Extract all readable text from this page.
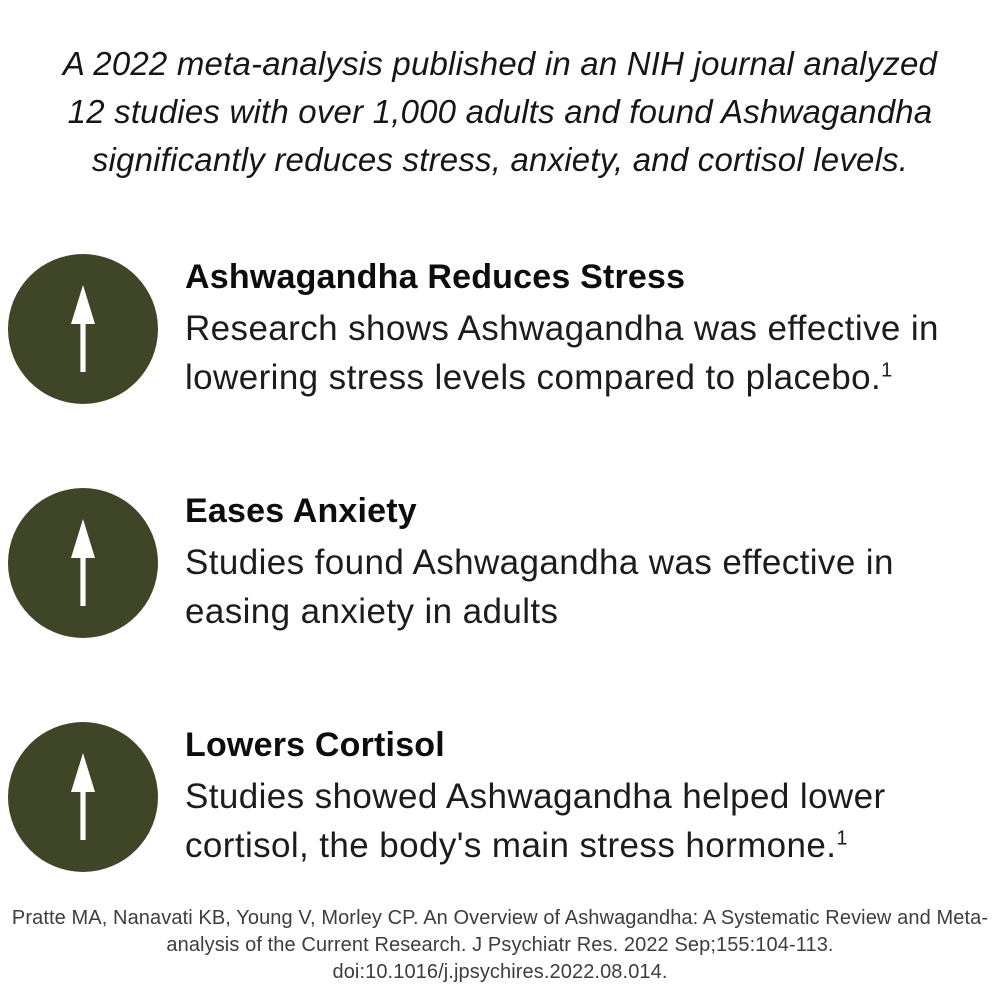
A 2022 meta-analysis published in an NIH journal analyzed 12 studies with over 1,000 adults and found Ashwagandha significantly reduces stress, anxiety, and cortisol levels.

Ashwagandha Reduces Stress
Research shows Ashwagandha was effective in lowering stress levels compared to placebo.$^1$
Eases Anxiety
Studies found Ashwagandha was effective in easing anxiety in adults
Lowers Cortisol
Studies showed Ashwagandha helped lower cortisol, the body's main stress hormone.$^1$

Pratte MA, Nanavati KB, Young V, Morley CP. An Overview of Ashwagandha: A Systematic Review and Meta-

analysis of the Current Research. J Psychiatr Res. 2022 Sep;155:104-113. doi:10.1016/j.jpsychires.2022.08.014.
